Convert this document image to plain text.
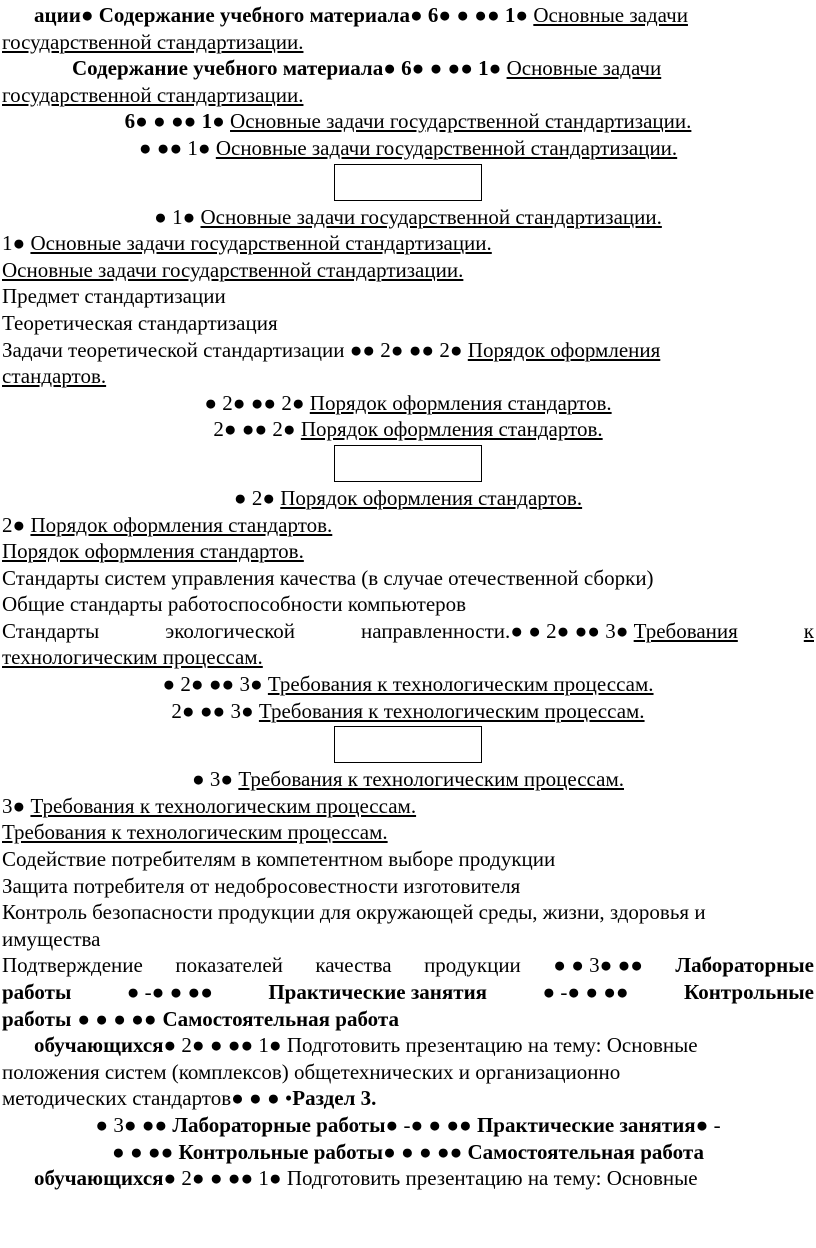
ации● Содержание учебного материала● 6● ● ●● 1● Основные задачи
государственной стандартизации.
Содержание учебного материала● 6● ● ●● 1● Основные задачи
государственной стандартизации.
6● ● ●● 1● Основные задачи государственной стандартизации.
● ●● 1● Основные задачи государственной стандартизации.
● 1● Основные задачи государственной стандартизации.
1● Основные задачи государственной стандартизации.
Основные задачи государственной стандартизации.
Предмет стандартизации
Теоретическая стандартизация
Задачи теоретической стандартизации ●● 2● ●● 2● Порядок оформления
стандартов.
● 2● ●● 2● Порядок оформления стандартов.
2● ●● 2● Порядок оформления стандартов.
● 2● Порядок оформления стандартов.
2● Порядок оформления стандартов.
Порядок оформления стандартов.
Стандарты систем управления качества (в случае отечественной сборки)
Общие стандарты работоспособности компьютеров
Стандарты	экологической	направленности.● ● 2● ●● 3● Требования	к
технологическим процессам.
● 2● ●● 3● Требования к технологическим процессам.
2● ●● 3● Требования к технологическим процессам.
● 3● Требования к технологическим процессам.
3● Требования к технологическим процессам.
Требования к технологическим процессам.
Содействие потребителям в компетентном выборе продукции
Защита потребителя от недобросовестности изготовителя
Контроль безопасности продукции для окружающей среды, жизни, здоровья и
имущества
Подтверждение показателей качества продукции ● ● 3● ●● Лабораторные
работы	● -● ● ●●	Практические занятия	● -● ● ●●	Контрольные
работы ● ● ● ●● Самостоятельная работа
обучающихся● 2● ● ●● 1● Подготовить презентацию на тему: Основные
положения систем (комплексов) общетехнических и организационно
методических стандартов● ● ● •Раздел 3.
● 3● ●● Лабораторные работы● -● ● ●● Практические занятия● -
● ● ●● Контрольные работы● ● ● ●● Самостоятельная работа
обучающихся● 2● ● ●● 1● Подготовить презентацию на тему: Основные
